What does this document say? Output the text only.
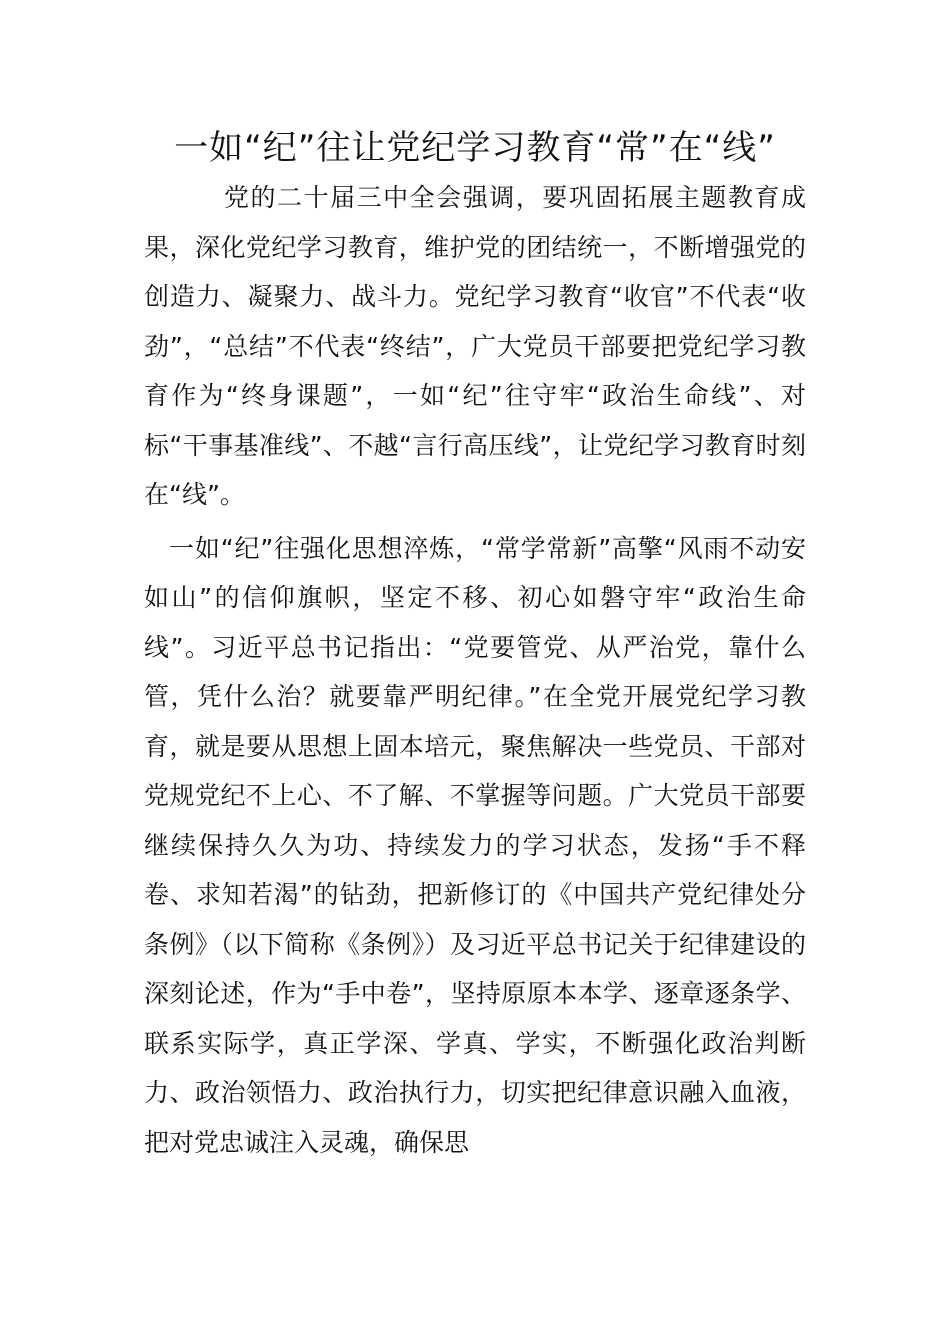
一如“纪”往让党纪学习教育“常”在“线”

党的二十届三中全会强调，要巩固拓展主题教育成果，深化党纪学习教育，维护党的团结统一，不断增强党的创造力、凝聚力、战斗力。党纪学习教育“收官”不代表“收劲”，“总结”不代表“终结”，广大党员干部要把党纪学习教育作为“终身课题”，一如“纪”往守牢“政治生命线”、对标“干事基准线”、不越“言行高压线”，让党纪学习教育时刻在“线”。

一如“纪”往强化思想淬炼，“常学常新”高擎“风雨不动安如山”的信仰旗帜，坚定不移、初心如磐守牢“政治生命线”。习近平总书记指出：“党要管党、从严治党，靠什么管，凭什么治？就要靠严明纪律。”在全党开展党纪学习教育，就是要从思想上固本培元，聚焦解决一些党员、干部对党规党纪不上心、不了解、不掌握等问题。广大党员干部要继续保持久久为功、持续发力的学习状态，发扬“手不释卷、求知若渴”的钻劲，把新修订的《中国共产党纪律处分条例》（以下简称《条例》）及习近平总书记关于纪律建设的深刻论述，作为“手中卷”，坚持原原本本学、逐章逐条学、联系实际学，真正学深、学真、学实，不断强化政治判断力、政治领悟力、政治执行力，切实把纪律意识融入血液，把对党忠诚注入灵魂，确保思
